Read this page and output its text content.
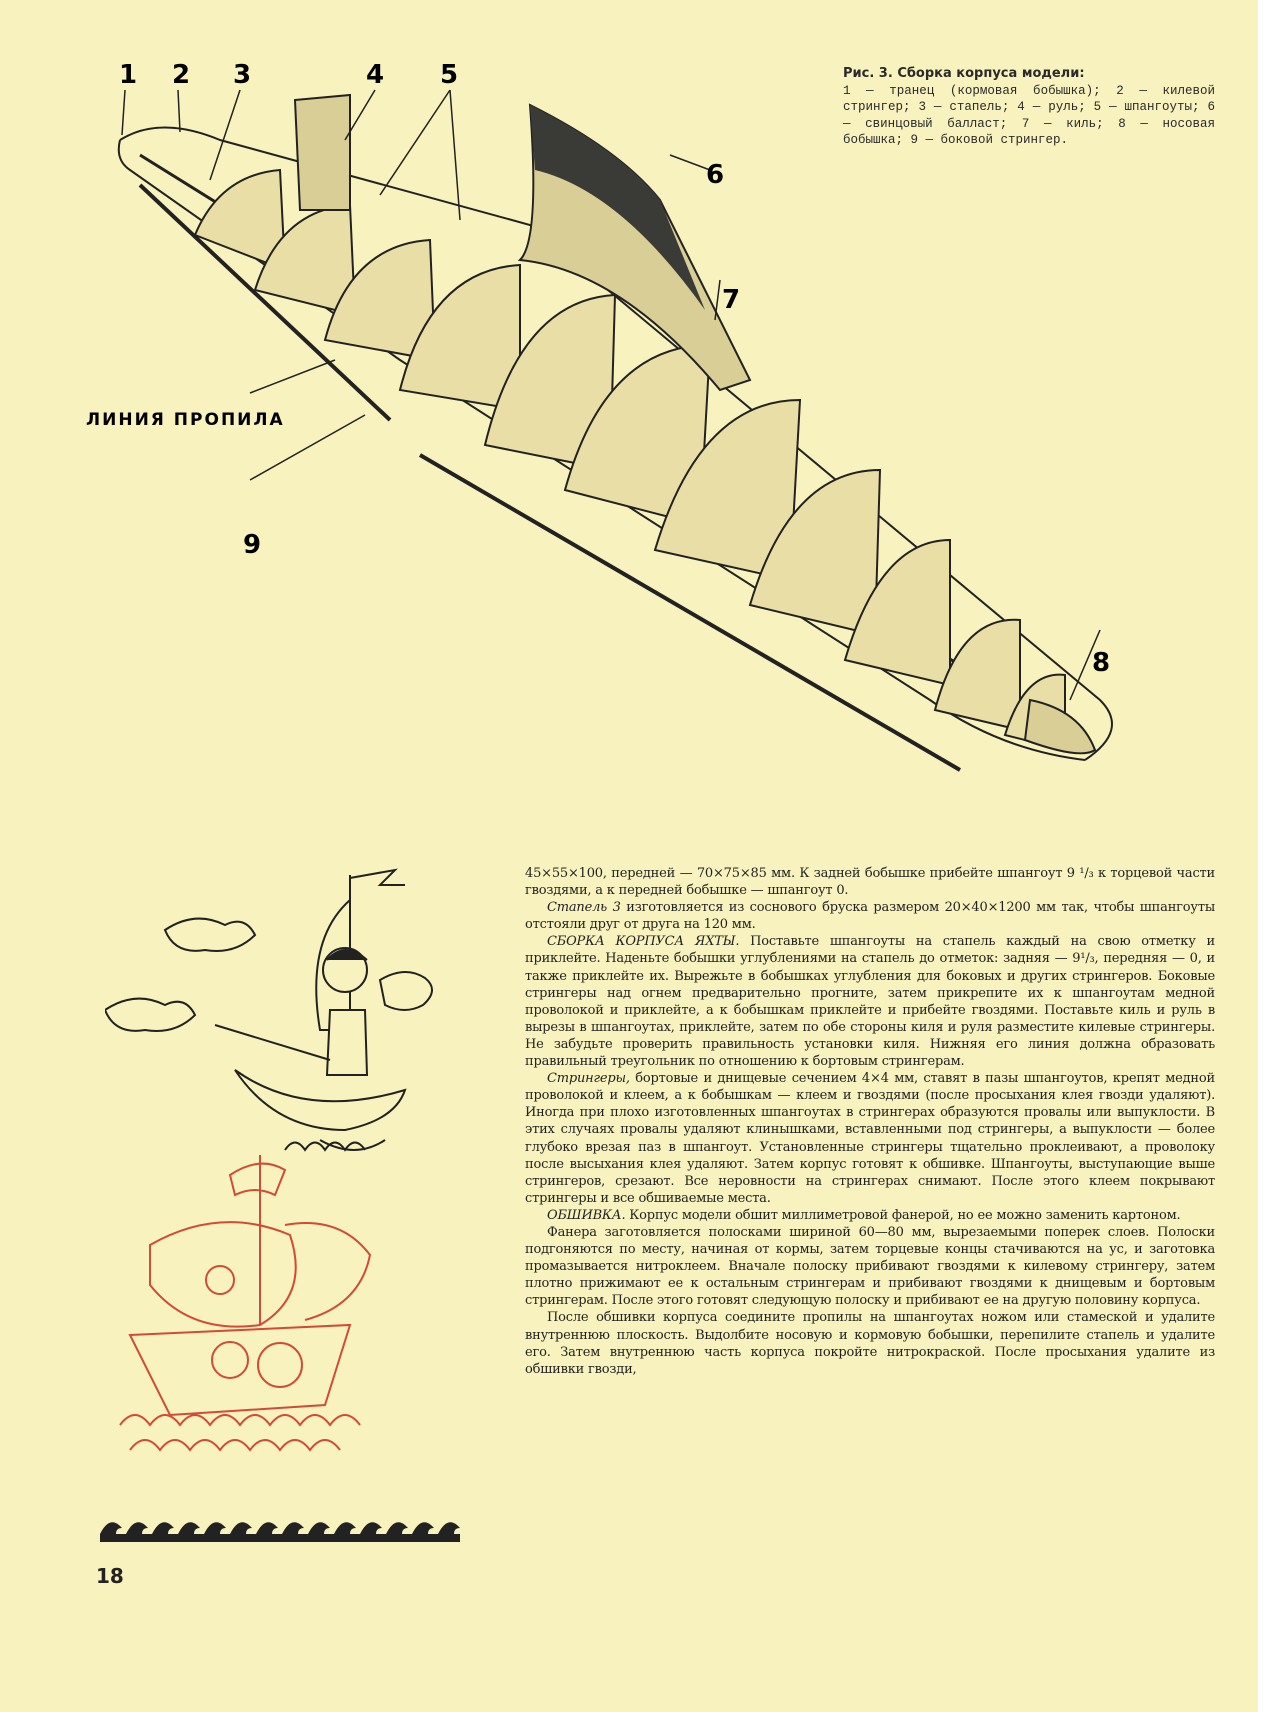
1 2 3	4 5
6
7
8
9
ЛИНИЯ ПРОПИЛА

Рис. 3. Сборка корпуса модели:
1 — транец (кормовая бобышка); 2 — килевой стрингер; 3 — стапель; 4 — руль; 5 — шпангоуты; 6 — свинцовый балласт; 7 — киль; 8 — носовая бобышка; 9 — боковой стрингер.

45×55×100, передней — 70×75×85 мм. К задней бобышке прибейте шпангоут 9 ¹/₃ к торцевой части гвоздями, а к передней бобышке — шпангоут 0.

Стапель 3 изготовляется из соснового бруска размером 20×40×1200 мм так, чтобы шпангоуты отстояли друг от друга на 120 мм.

СБОРКА КОРПУСА ЯХТЫ. Поставьте шпангоуты на стапель каждый на свою отметку и приклейте. Наденьте бобышки углублениями на стапель до отметок: задняя — 9¹/₃, передняя — 0, и также приклейте их. Вырежьте в бобышках углубления для боковых и других стрингеров. Боковые стрингеры над огнем предварительно прогните, затем прикрепите их к шпангоутам медной проволокой и приклейте, а к бобышкам приклейте и прибейте гвоздями. Поставьте киль и руль в вырезы в шпангоутах, приклейте, затем по обе стороны киля и руля разместите килевые стрингеры. Не забудьте проверить правильность установки киля. Нижняя его линия должна образовать правильный треугольник по отношению к бортовым стрингерам.

Стрингеры, бортовые и днищевые сечением 4×4 мм, ставят в пазы шпангоутов, крепят медной проволокой и клеем, а к бобышкам — клеем и гвоздями (после просыхания клея гвозди удаляют). Иногда при плохо изготовленных шпангоутах в стрингерах образуются провалы или выпуклости. В этих случаях провалы удаляют клинышками, вставленными под стрингеры, а выпуклости — более глубоко врезая паз в шпангоут. Установленные стрингеры тщательно проклеивают, а проволоку после высыхания клея удаляют. Затем корпус готовят к обшивке. Шпангоуты, выступающие выше стрингеров, срезают. Все неровности на стрингерах снимают. После этого клеем покрывают стрингеры и все обшиваемые места.

ОБШИВКА. Корпус модели обшит миллиметровой фанерой, но ее можно заменить картоном.

Фанера заготовляется полосками шириной 60—80 мм, вырезаемыми поперек слоев. Полоски подгоняются по месту, начиная от кормы, затем торцевые концы стачиваются на ус, и заготовка промазывается нитроклеем. Вначале полоску прибивают гвоздями к килевому стрингеру, затем плотно прижимают ее к остальным стрингерам и прибивают гвоздями к днищевым и бортовым стрингерам. После этого готовят следующую полоску и прибивают ее на другую половину корпуса.

После обшивки корпуса соедините пропилы на шпангоутах ножом или стамеской и удалите внутреннюю плоскость. Выдолбите носовую и кормовую бобышки, перепилите стапель и удалите его. Затем внутреннюю часть корпуса покройте нитрокраской. После просыхания удалите из обшивки гвозди,

18
